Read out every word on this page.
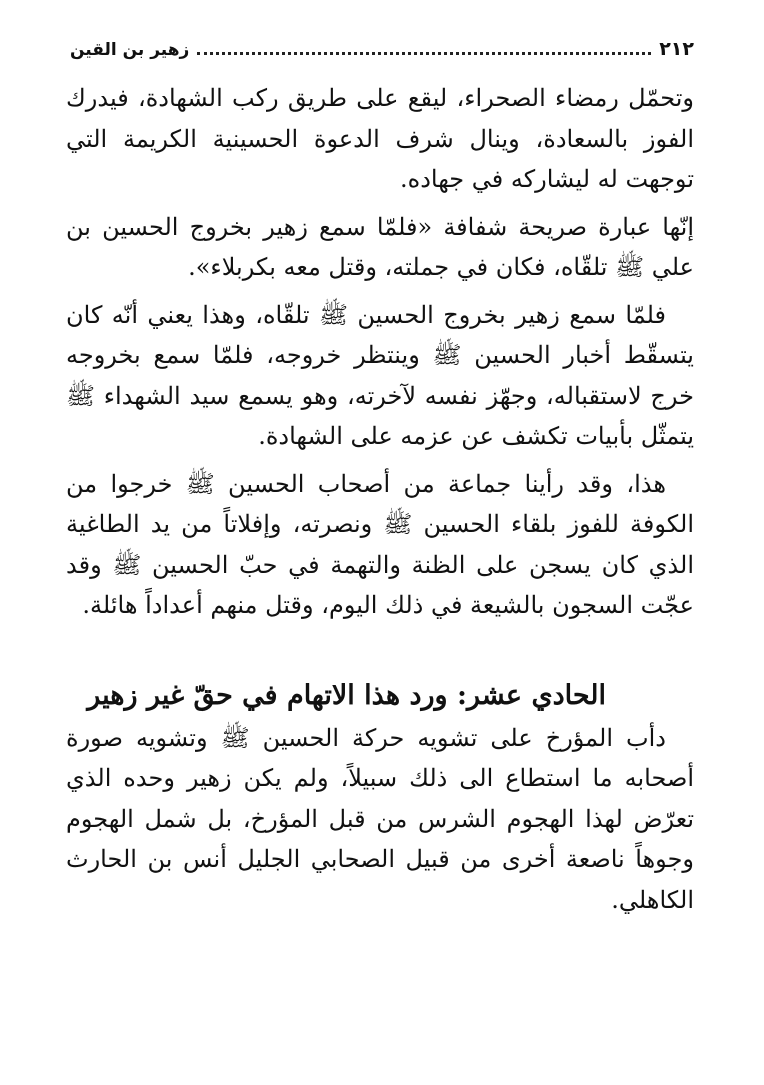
٢١٢
زهير بن القين

وتحمّل رمضاء الصحراء، ليقع على طريق ركب الشهادة، فيدرك الفوز بالسعادة، وينال شرف الدعوة الحسينية الكريمة التي توجهت له ليشاركه في جهاده.

إنّها عبارة صريحة شفافة «فلمّا سمع زهير بخروج الحسين بن علي ﷺ تلقّاه، فكان في جملته، وقتل معه بكربلاء».

فلمّا سمع زهير بخروج الحسين ﷺ تلقّاه، وهذا يعني أنّه كان يتسقّط أخبار الحسين ﷺ وينتظر خروجه، فلمّا سمع بخروجه خرج لاستقباله، وجهّز نفسه لآخرته، وهو يسمع سيد الشهداء ﷺ يتمثّل بأبيات تكشف عن عزمه على الشهادة.

هذا، وقد رأينا جماعة من أصحاب الحسين ﷺ خرجوا من الكوفة للفوز بلقاء الحسين ﷺ ونصرته، وإفلاتاً من يد الطاغية الذي كان يسجن على الظنة والتهمة في حبّ الحسين ﷺ وقد عجّت السجون بالشيعة في ذلك اليوم، وقتل منهم أعداداً هائلة.

الحادي عشر: ورد هذا الاتهام في حقّ غير زهير

دأب المؤرخ على تشويه حركة الحسين ﷺ وتشويه صورة أصحابه ما استطاع الى ذلك سبيلاً، ولم يكن زهير وحده الذي تعرّض لهذا الهجوم الشرس من قبل المؤرخ، بل شمل الهجوم وجوهاً ناصعة أخرى من قبيل الصحابي الجليل أنس بن الحارث الكاهلي.
